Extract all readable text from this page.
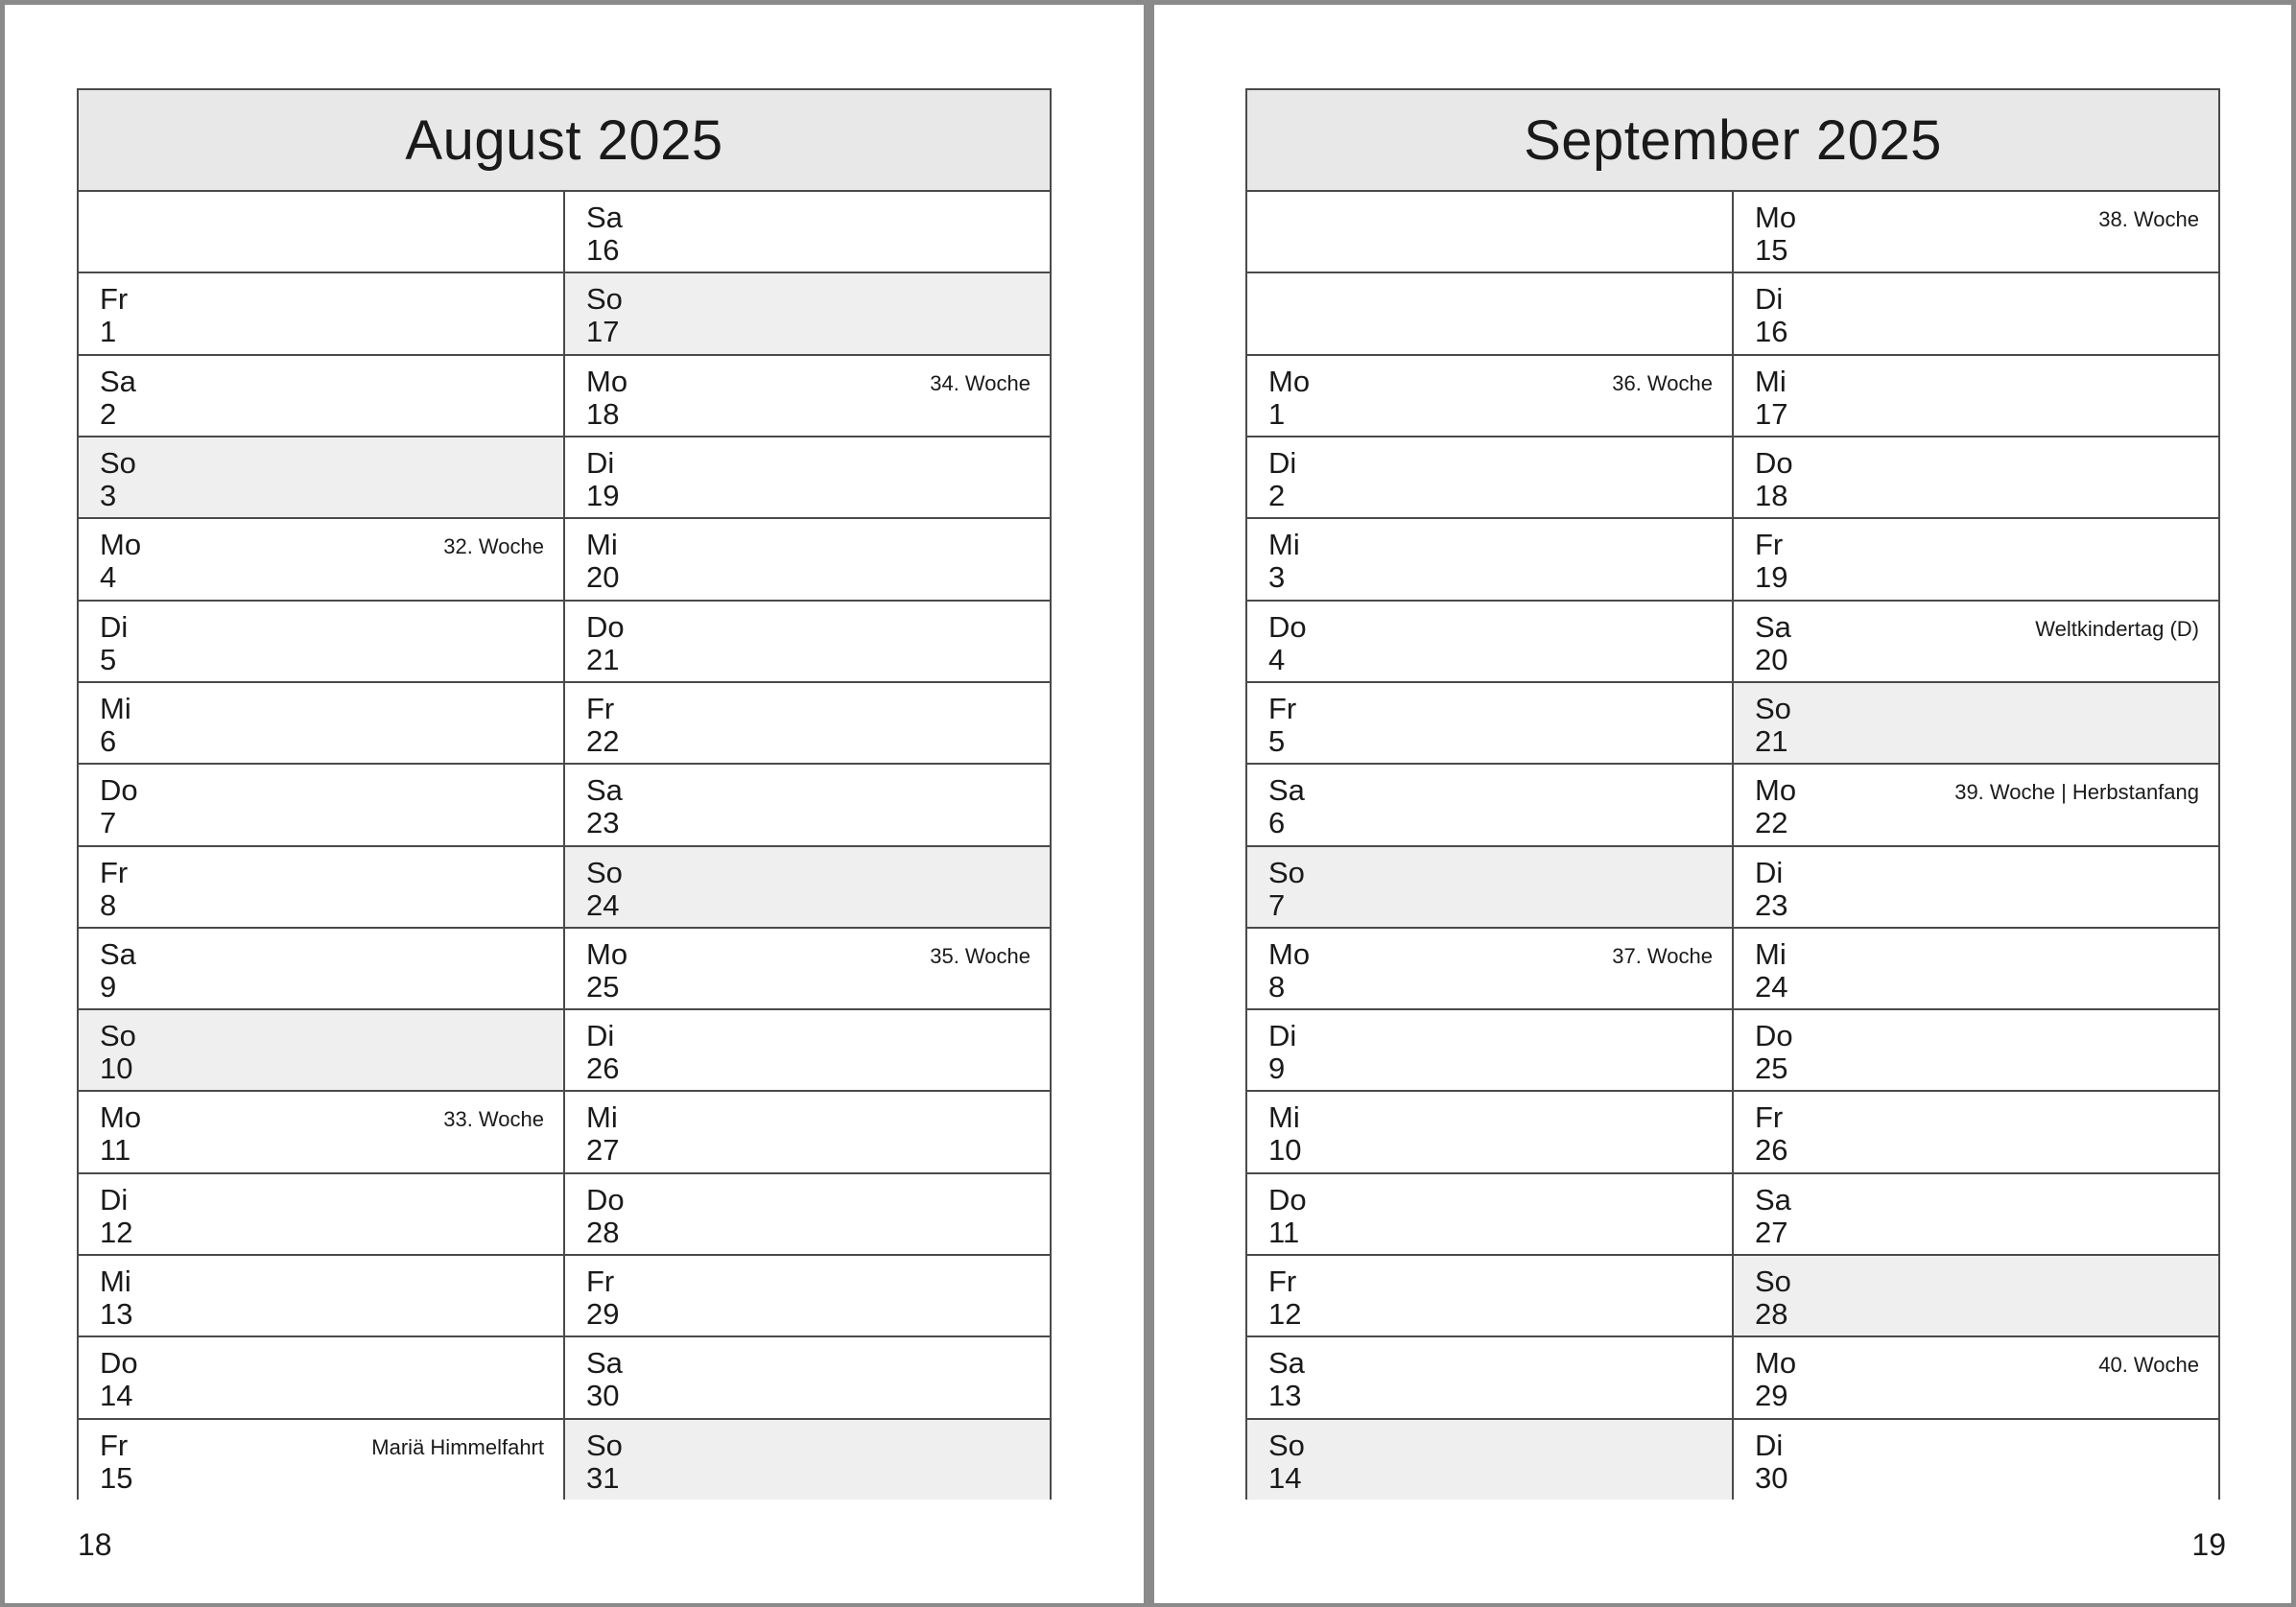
August 2025
Fr
1
Sa
2
So
3
Mo
4
32. Woche
Di
5
Mi
6
Do
7
Fr
8
Sa
9
So
10
Mo
11
33. Woche
Di
12
Mi
13
Do
14
Fr
15
Mariä Himmelfahrt
Sa
16
So
17
Mo
18
34. Woche
Di
19
Mi
20
Do
21
Fr
22
Sa
23
So
24
Mo
25
35. Woche
Di
26
Mi
27
Do
28
Fr
29
Sa
30
So
31
18
September 2025
Mo
1
36. Woche
Di
2
Mi
3
Do
4
Fr
5
Sa
6
So
7
Mo
8
37. Woche
Di
9
Mi
10
Do
11
Fr
12
Sa
13
So
14
Mo
15
38. Woche
Di
16
Mi
17
Do
18
Fr
19
Sa
20
Weltkindertag (D)
So
21
Mo
22
39. Woche | Herbstanfang
Di
23
Mi
24
Do
25
Fr
26
Sa
27
So
28
Mo
29
40. Woche
Di
30
19
